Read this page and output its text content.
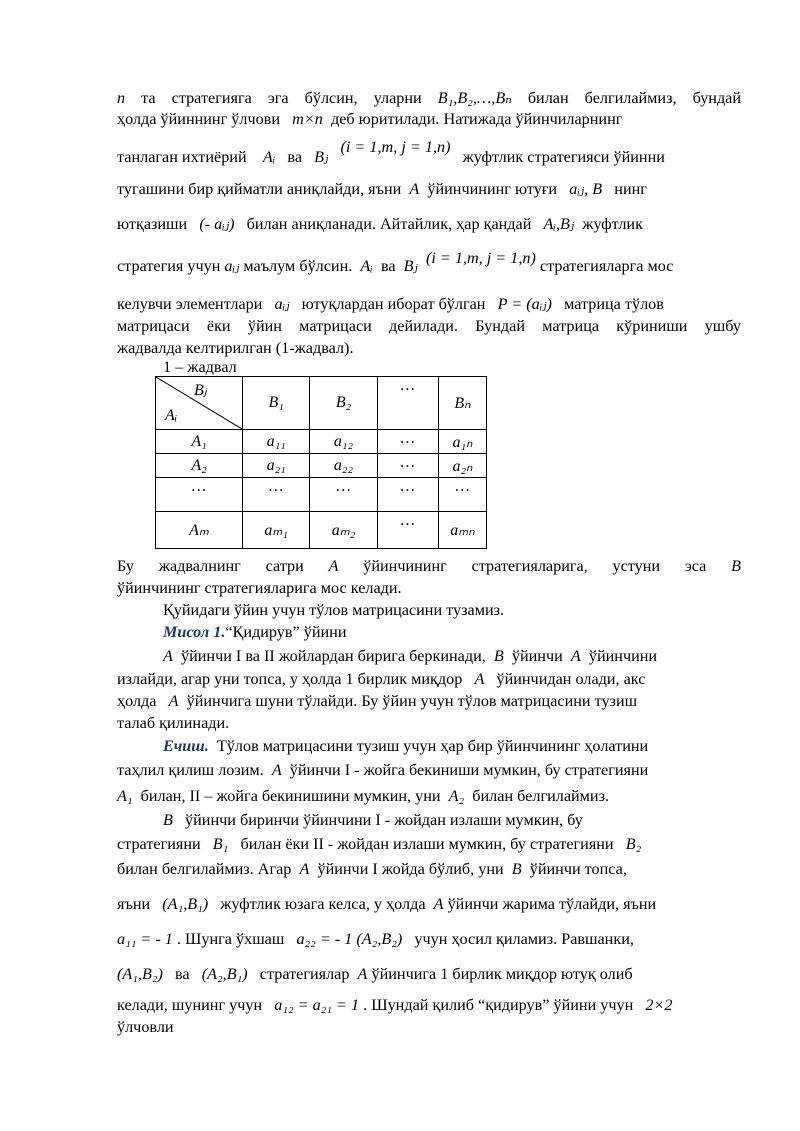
n та стратегияга эга бўлсин, уларни B₁,B₂,…,Bₙ билан белгилаймиз, бундай
ҳолда ўйиннинг ўлчови m×n деб юритилади. Натижада ўйинчиларнинг
танлаган ихтиёрий Aᵢ ва Bⱼ   (i = 1,m, j = 1,n)   жуфтлик стратегияси ўйинни
тугашини бир қийматли аниқлайди, яъни A ўйинчининг ютуғи aᵢⱼ, B нинг
ютқазиши (- aᵢⱼ) билан аниқланади. Айтайлик, ҳар қандай Aᵢ,Bⱼ жуфтлик
стратегия учун aᵢⱼ маълум бўлсин. Aᵢ ва Bⱼ (i = 1,m, j = 1,n) стратегияларга мос
келувчи элементлари aᵢⱼ ютуқлардан иборат бўлган P = (aᵢⱼ) матрица тўлов
матрицаси ёки ўйин матрицаси дейилади. Бундай матрица кўриниши ушбу
жадвалда келтирилган (1-жадвал).
1 – жадвал
Bⱼ
Aᵢ	B₁	B₂	…	Bₙ
A₁	a₁₁	a₁₂	…	a₁ₙ
A₂	a₂₁	a₂₂	…	a₂ₙ
…	…	…	…	…
Aₘ	aₘ₁	aₘ₂	…	aₘₙ
Бу жадвалнинг сатри A ўйинчининг стратегияларига, устуни эса B
ўйинчининг стратегияларига мос келади.
Қуйидаги ўйин учун тўлов матрицасини тузамиз.
Мисол 1.“Қидирув” ўйини
A ўйинчи I ва II жойлардан бирига беркинади, B ўйинчи A ўйинчини
излайди, агар уни топса, у ҳолда 1 бирлик миқдор A ўйинчидан олади, акс
ҳолда A ўйинчига шуни тўлайди. Бу ўйин учун тўлов матрицасини тузиш
талаб қилинади.
Ечиш. Тўлов матрицасини тузиш учун ҳар бир ўйинчининг ҳолатини
таҳлил қилиш лозим. A ўйинчи I - жойга бекиниши мумкин, бу стратегияни
A₁ билан, II – жойга бекинишини мумкин, уни A₂ билан белгилаймиз.
B ўйинчи биринчи ўйинчини I - жойдан излаши мумкин, бу
стратегияни B₁ билан ёки II - жойдан излаши мумкин, бу стратегияни B₂
билан белгилаймиз. Агар A ўйинчи I жойда бўлиб, уни B ўйинчи топса,
яъни (A₁,B₁) жуфтлик юзага келса, у ҳолда A ўйинчи жарима тўлайди, яъни
a₁₁ = - 1 . Шунга ўхшаш a₂₂ = - 1 (A₂,B₂) учун ҳосил қиламиз. Равшанки,
(A₁,B₂) ва (A₂,B₁) стратегиялар A ўйинчига 1 бирлик миқдор ютуқ олиб
келади, шунинг учун a₁₂ = a₂₁ = 1 . Шундай қилиб “қидирув” ўйини учун 2×2
ўлчовли
